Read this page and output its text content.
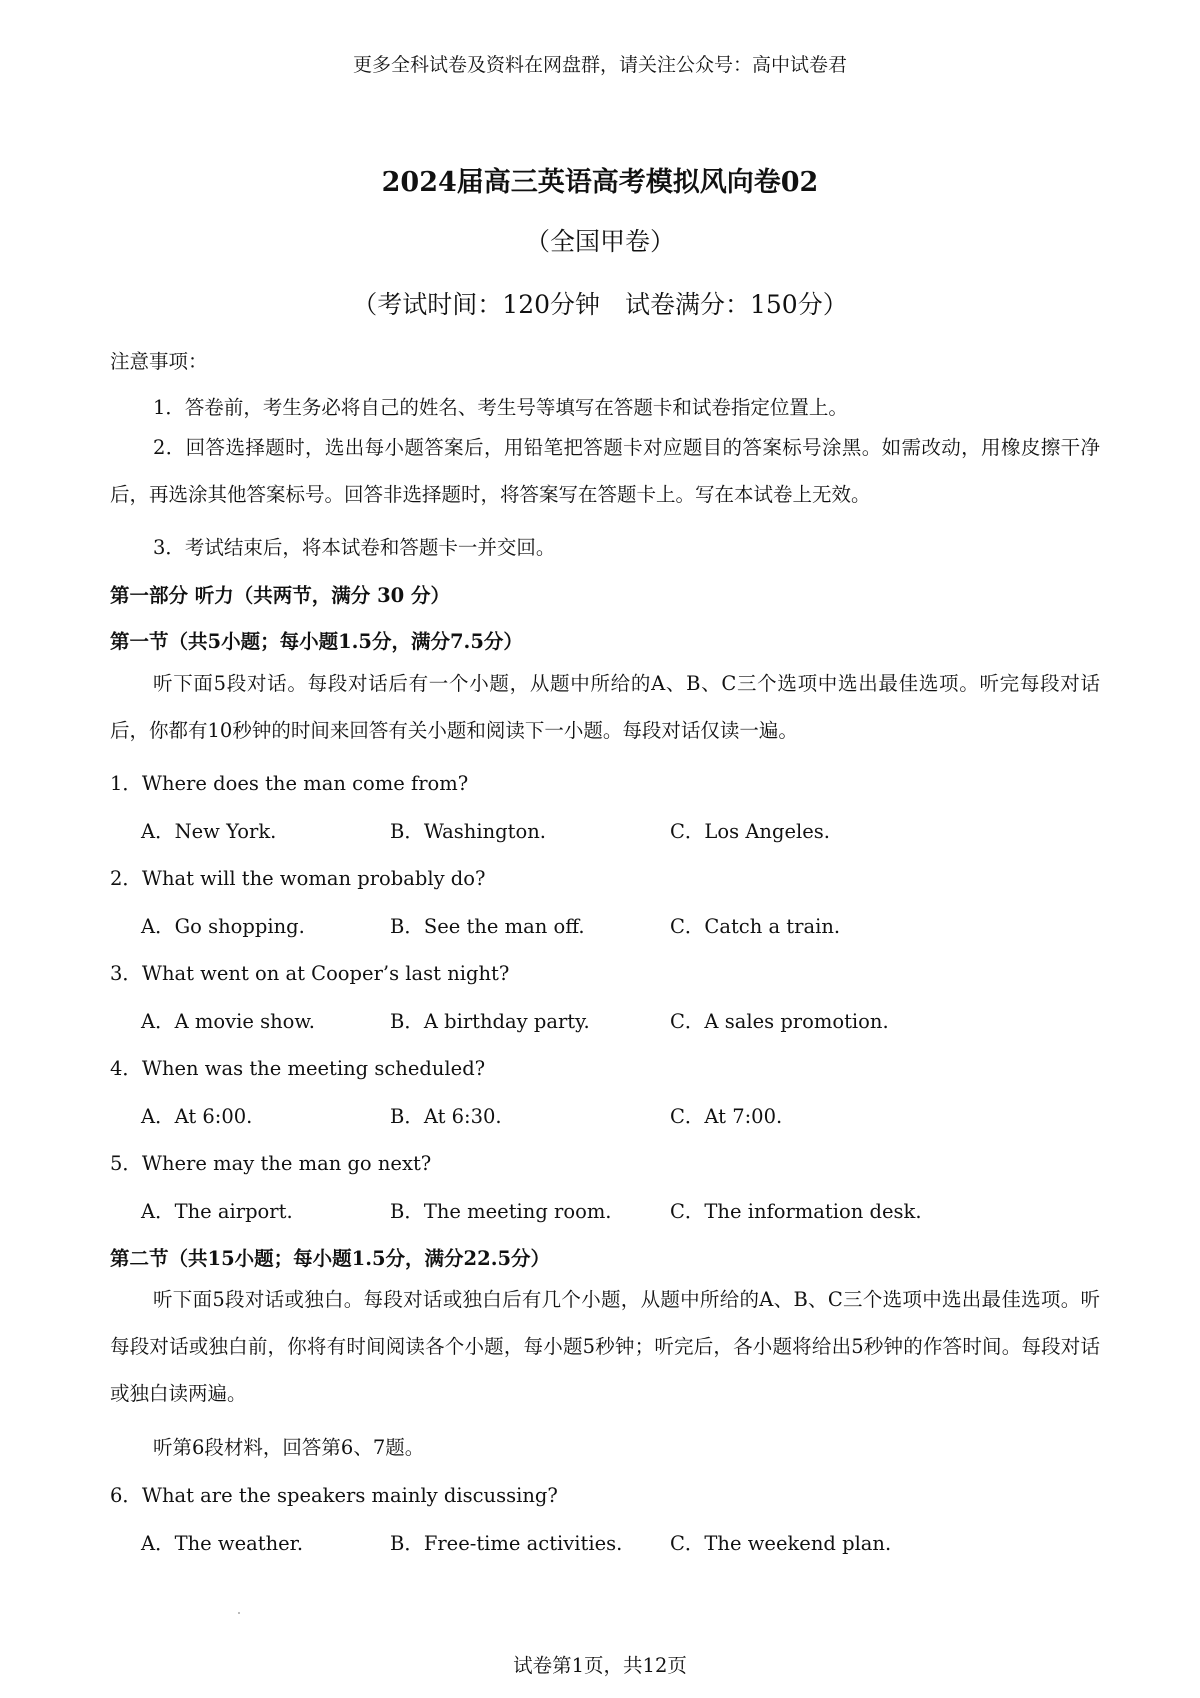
更多全科试卷及资料在网盘群，请关注公众号：高中试卷君
2024届高三英语高考模拟风向卷02
（全国甲卷）
（考试时间：120分钟　试卷满分：150分）
注意事项：
1．答卷前，考生务必将自己的姓名、考生号等填写在答题卡和试卷指定位置上。

2．回答选择题时，选出每小题答案后，用铅笔把答题卡对应题目的答案标号涂黑。如需改动，用橡皮擦干净后，再选涂其他答案标号。回答非选择题时，将答案写在答题卡上。写在本试卷上无效。

3．考试结束后，将本试卷和答题卡一并交回。
第一部分 听力（共两节，满分 30 分）
第一节（共5小题；每小题1.5分，满分7.5分）

听下面5段对话。每段对话后有一个小题，从题中所给的A、B、C三个选项中选出最佳选项。听完每段对话后，你都有10秒钟的时间来回答有关小题和阅读下一小题。每段对话仅读一遍。

1．Where does the man come from?
A．New York.	B．Washington.	C．Los Angeles.
2．What will the woman probably do?
A．Go shopping.	B．See the man off.	C．Catch a train.
3．What went on at Cooper’s last night?
A．A movie show.	B．A birthday party.	C．A sales promotion.
4．When was the meeting scheduled?
A．At 6:00.	B．At 6:30.	C．At 7:00.
5．Where may the man go next?
A．The airport.	B．The meeting room.	C．The information desk.
第二节（共15小题；每小题1.5分，满分22.5分）

听下面5段对话或独白。每段对话或独白后有几个小题，从题中所给的A、B、C三个选项中选出最佳选项。听每段对话或独白前，你将有时间阅读各个小题，每小题5秒钟；听完后，各小题将给出5秒钟的作答时间。每段对话或独白读两遍。

听第6段材料，回答第6、7题。
6．What are the speakers mainly discussing?
A．The weather.	B．Free-time activities. C．The weekend plan.
试卷第1页，共12页
